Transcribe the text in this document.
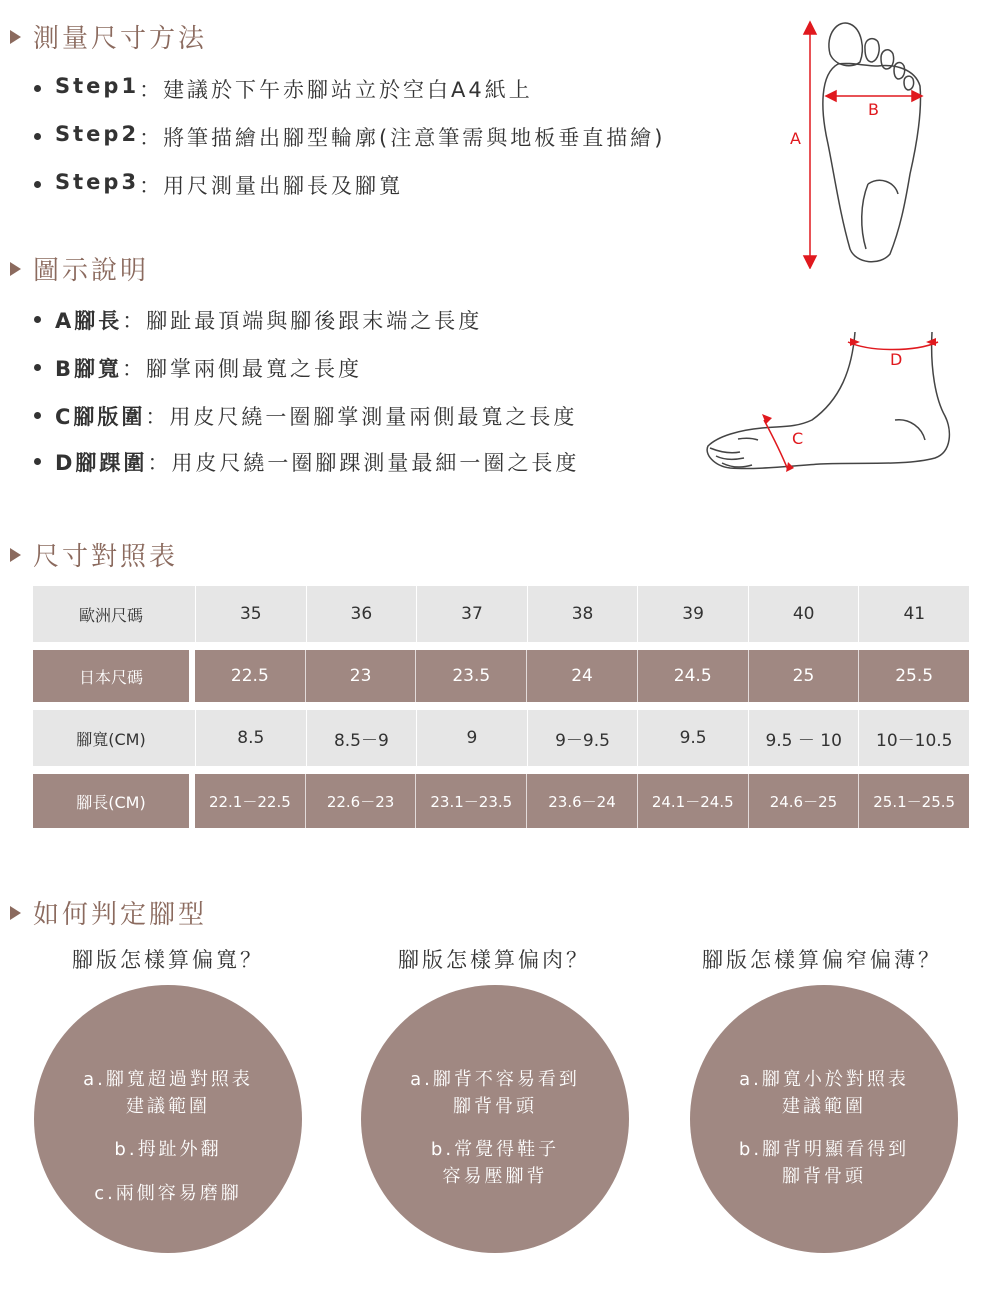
測量尺寸方法
Step1 ： 建議於下午赤腳站立於空白A4紙上
Step2 ： 將筆描繪出腳型輪廓(注意筆需與地板垂直描繪)
Step3 ： 用尺測量出腳長及腳寬
A
B
圖示說明
A腳長 ： 腳趾最頂端與腳後跟末端之長度
B腳寬 ： 腳掌兩側最寬之長度
C腳版圍 ： 用皮尺繞一圈腳掌測量兩側最寬之長度
D腳踝圍 ： 用皮尺繞一圈腳踝測量最細一圈之長度
D
C
尺寸對照表
歐洲尺碼	35	36	37	38	39	40	41
日本尺碼	22.5	23	23.5	24	24.5	25	25.5
腳寬(CM)	8.5	8.5－9	9	9－9.5	9.5	9.5 － 10	10－10.5
腳長(CM)	22.1－22.5	22.6－23	23.1－23.5	23.6－24	24.1－24.5	24.6－25	25.1－25.5
如何判定腳型
腳版怎樣算偏寬？	腳版怎樣算偏肉？	腳版怎樣算偏窄偏薄？
a.腳寬超過對照表
建議範圍
b.拇趾外翻
c.兩側容易磨腳
a.腳背不容易看到
腳背骨頭
b.常覺得鞋子
容易壓腳背
a.腳寬小於對照表
建議範圍
b.腳背明顯看得到
腳背骨頭
